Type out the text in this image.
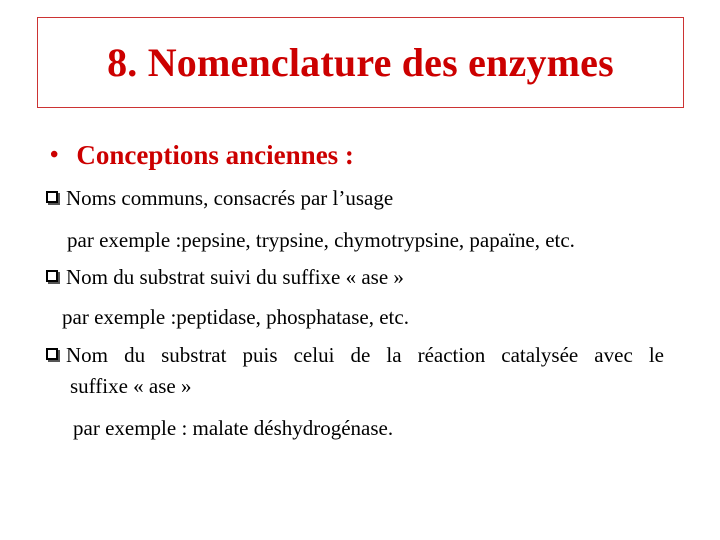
8. Nomenclature des enzymes
• Conceptions anciennes :
Noms communs, consacrés par l’usage
par exemple :pepsine, trypsine, chymotrypsine, papaïne, etc.
Nom du substrat suivi du suffixe « ase »
par exemple :peptidase, phosphatase, etc.
Nom du substrat puis celui de la réaction catalysée avec le
suffixe « ase »
par exemple : malate déshydrogénase.
